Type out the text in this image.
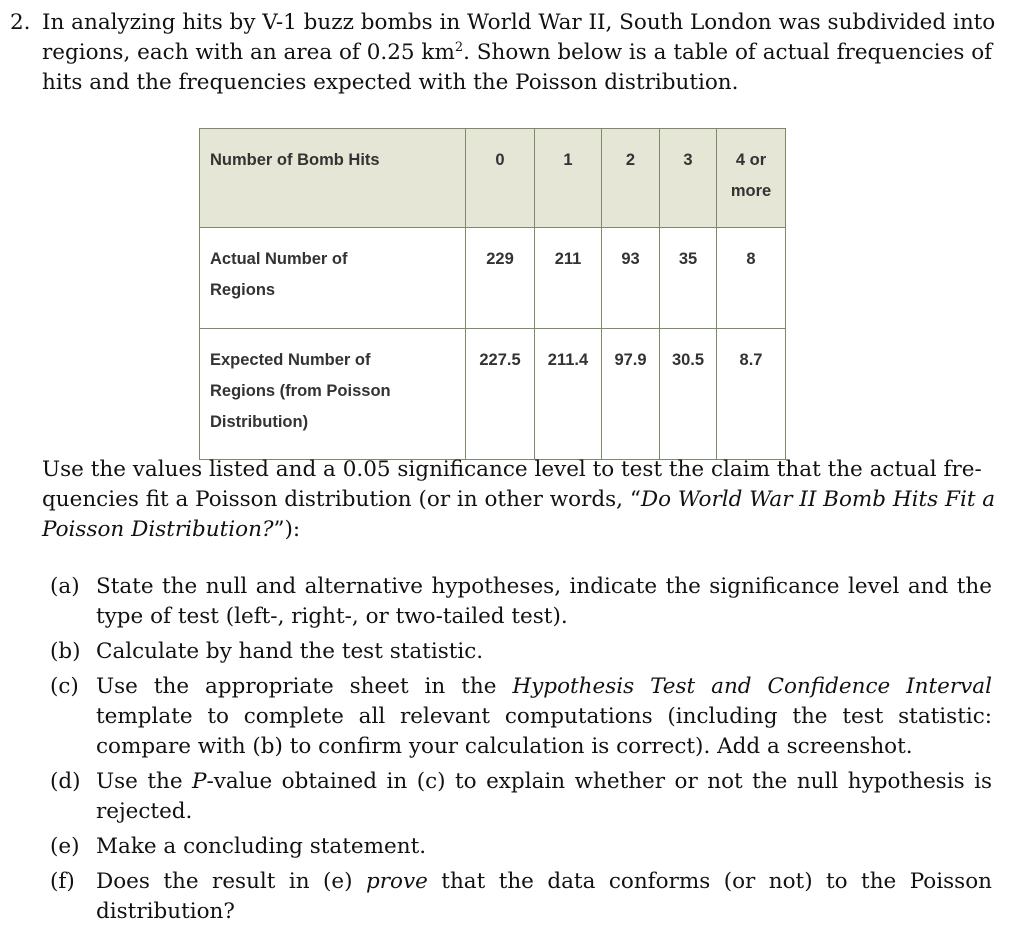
2. In analyzing hits by V-1 buzz bombs in World War II, South London was subdivided into
regions, each with an area of 0.25 $km^2$. Shown below is a table of actual frequencies of
hits and the frequencies expected with the Poisson distribution.
Number of Bomb Hits	0	1	2	3	4 or more

Actual Number of Regions	229	211	93	35	8

Expected Number of Regions (from Poisson Distribution)	227.5	211.4	97.9	30.5	8.7
Use the values listed and a 0.05 significance level to test the claim that the actual fre-
quencies fit a Poisson distribution (or in other words, “Do World War II Bomb Hits Fit a
Poisson Distribution?”):
(a) State the null and alternative hypotheses, indicate the significance level and the type of test (left-, right-, or two-tailed test).
(b) Calculate by hand the test statistic.
(c) Use the appropriate sheet in the Hypothesis Test and Confidence Interval template to complete all relevant computations (including the test statistic: compare with (b) to confirm your calculation is correct). Add a screenshot.
(d) Use the P-value obtained in (c) to explain whether or not the null hypothesis is rejected.
(e) Make a concluding statement.
(f) Does the result in (e) prove that the data conforms (or not) to the Poisson distribution?
